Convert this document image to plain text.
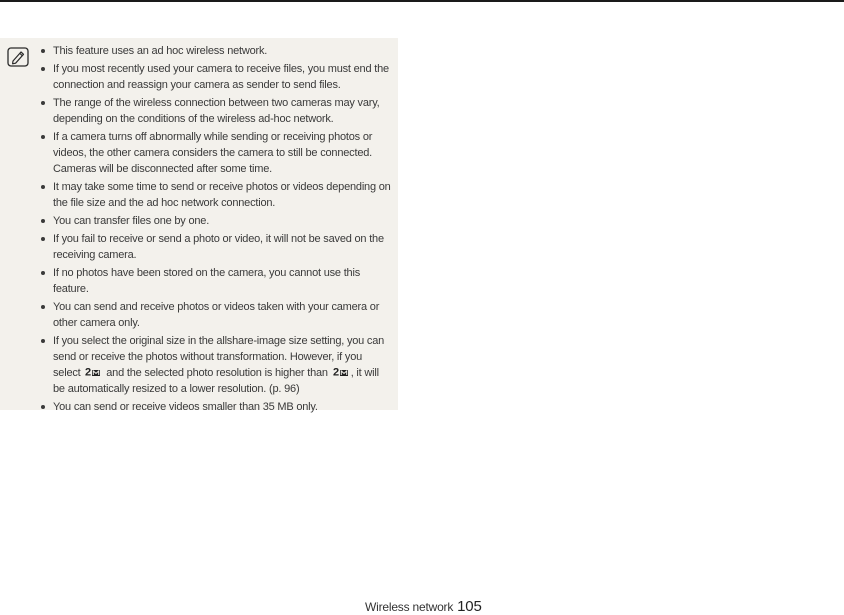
This feature uses an ad hoc wireless network.
If you most recently used your camera to receive files, you must end the connection and reassign your camera as sender to send files.
The range of the wireless connection between two cameras may vary, depending on the conditions of the wireless ad-hoc network.
If a camera turns off abnormally while sending or receiving photos or videos, the other camera considers the camera to still be connected. Cameras will be disconnected after some time.
It may take some time to send or receive photos or videos depending on the file size and the ad hoc network connection.
You can transfer files one by one.
If you fail to receive or send a photo or video, it will not be saved on the receiving camera.
If no photos have been stored on the camera, you cannot use this feature.
You can send and receive photos or videos taken with your camera or other camera only.
If you select the original size in the allshare-image size setting, you can send or receive the photos without transformation. However, if you select 2 and the selected photo resolution is higher than 2 , it will be automatically resized to a lower resolution. (p. 96)
You can send or receive videos smaller than 35 MB only.
Wireless network 105
